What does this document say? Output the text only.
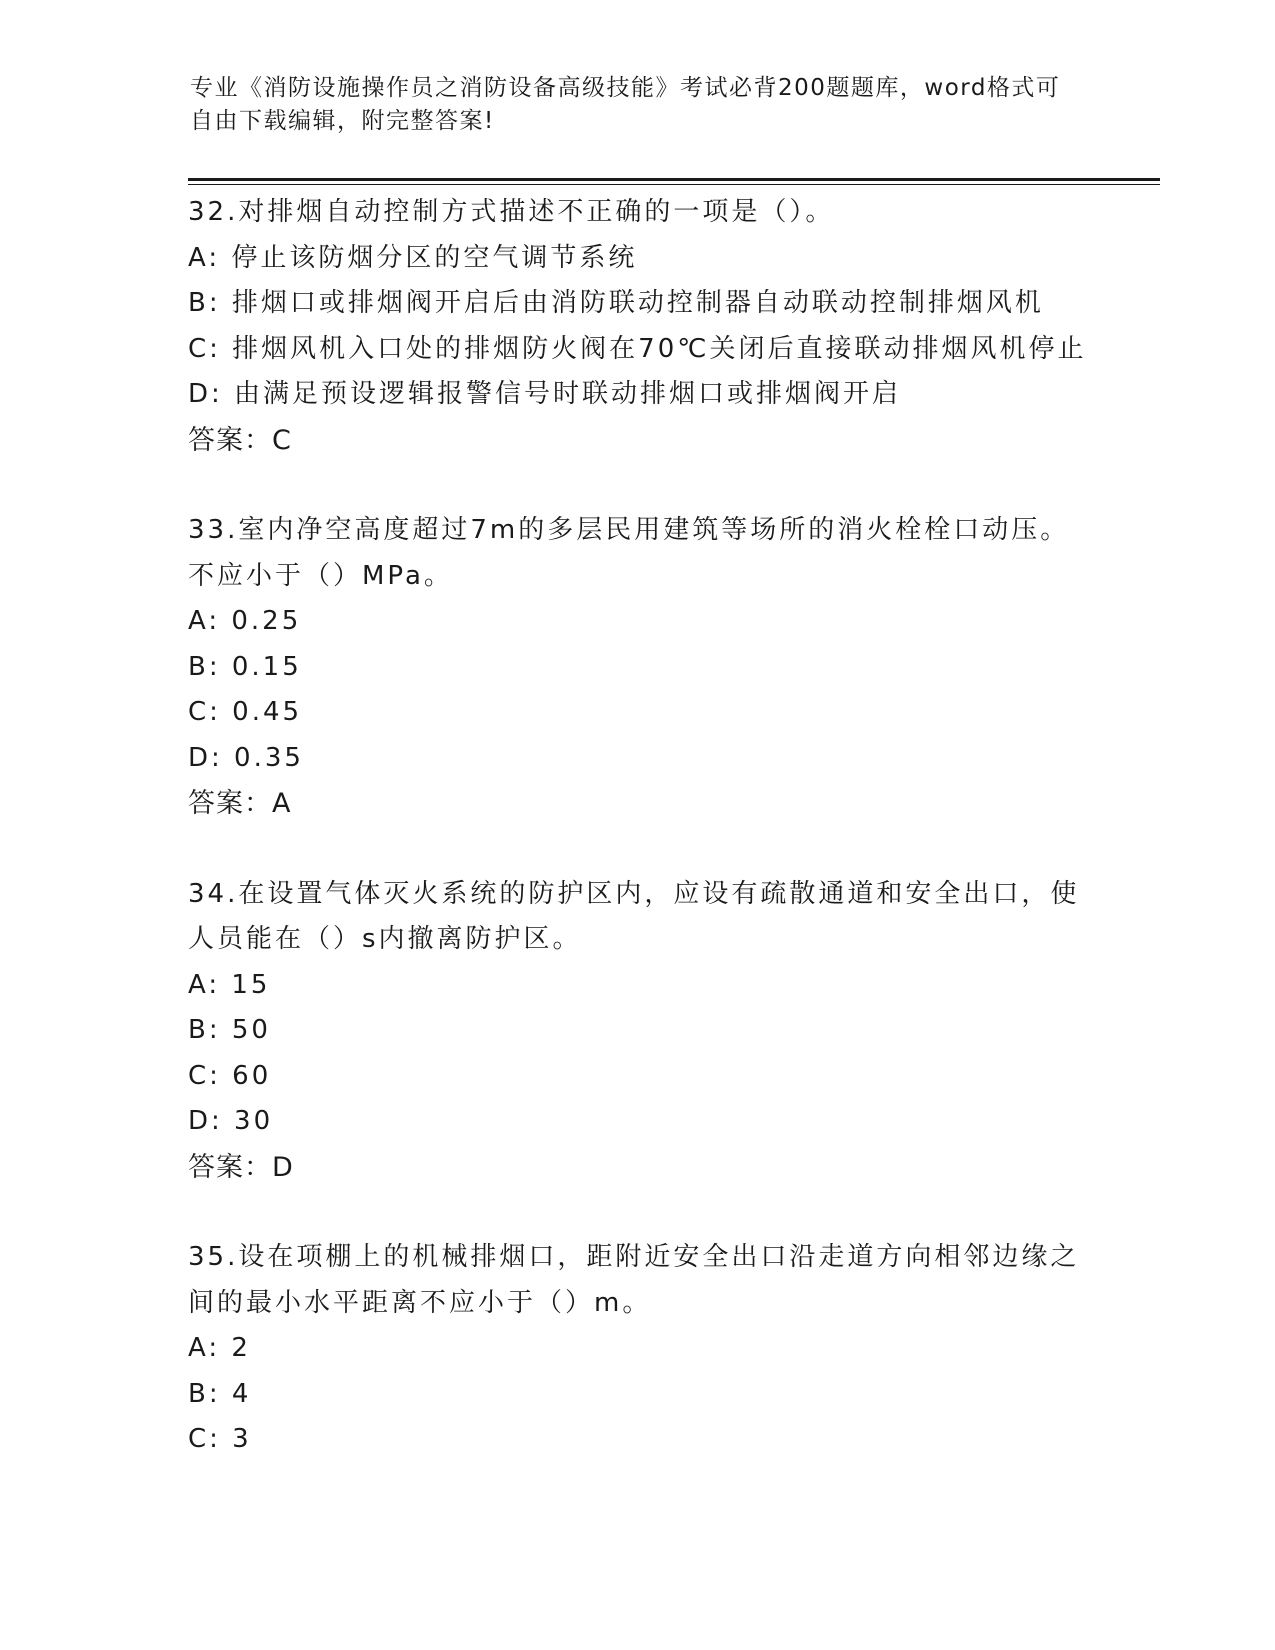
专业《消防设施操作员之消防设备高级技能》考试必背200题题库，word格式可
自由下载编辑，附完整答案!
32.对排烟自动控制方式描述不正确的一项是（）。
A: 停止该防烟分区的空气调节系统
B: 排烟口或排烟阀开启后由消防联动控制器自动联动控制排烟风机
C: 排烟风机入口处的排烟防火阀在70℃关闭后直接联动排烟风机停止
D: 由满足预设逻辑报警信号时联动排烟口或排烟阀开启
答案：C
33.室内净空高度超过7m的多层民用建筑等场所的消火栓栓口动压。
不应小于（）MPa。
A: 0.25
B: 0.15
C: 0.45
D: 0.35
答案：A
34.在设置气体灭火系统的防护区内，应设有疏散通道和安全出口，使
人员能在（）s内撤离防护区。
A: 15
B: 50
C: 60
D: 30
答案：D
35.设在项棚上的机械排烟口，距附近安全出口沿走道方向相邻边缘之
间的最小水平距离不应小于（）m。
A: 2
B: 4
C: 3
